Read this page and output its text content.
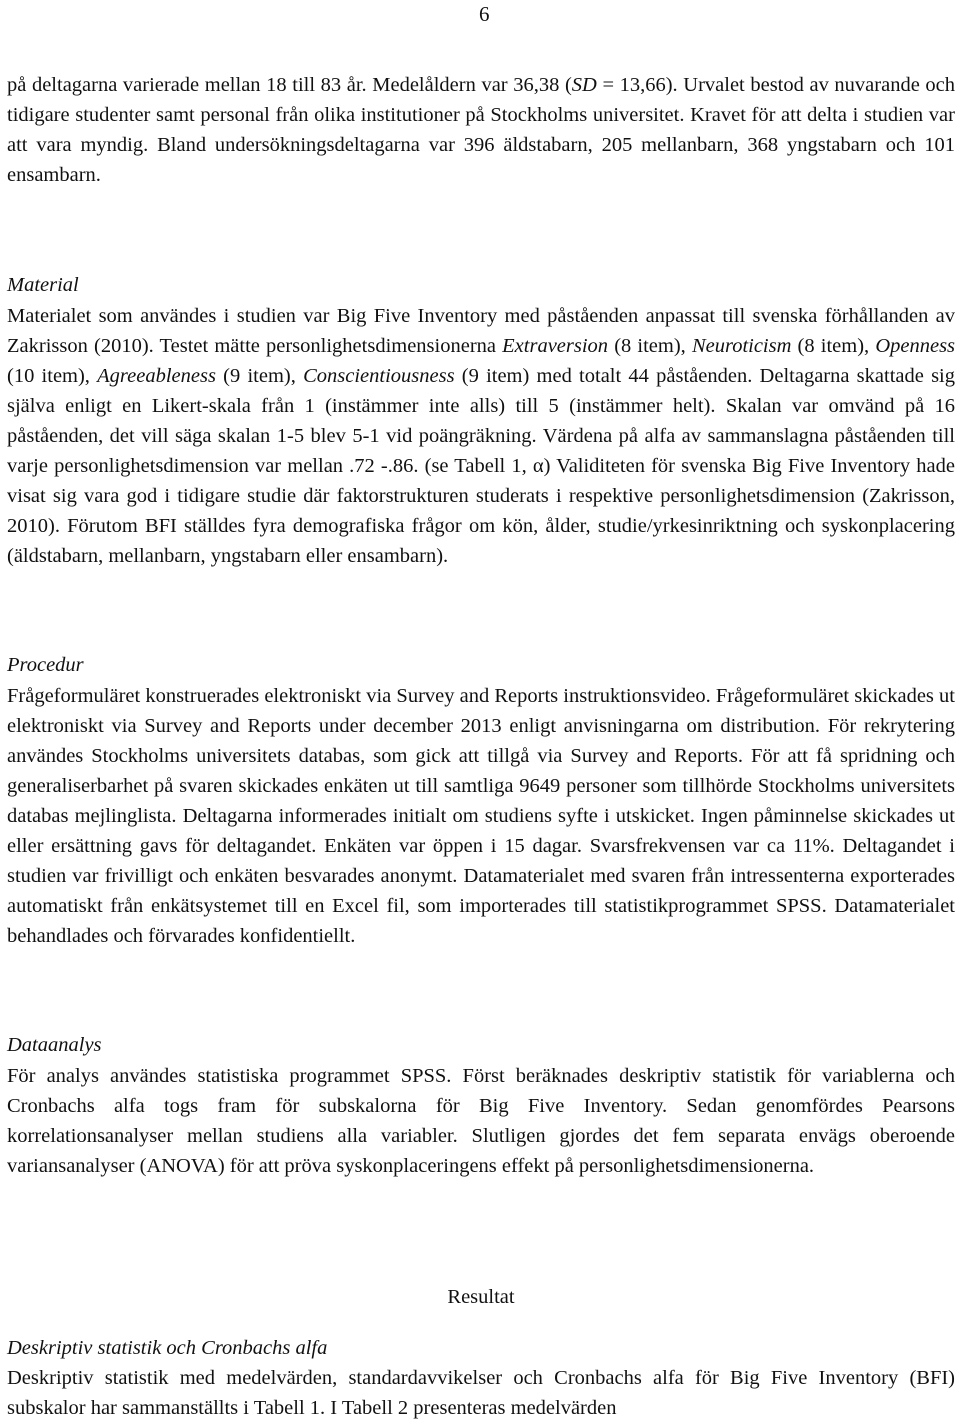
6

på deltagarna varierade mellan 18 till 83 år. Medelåldern var 36,38 (SD = 13,66). Urvalet bestod av nuvarande och tidigare studenter samt personal från olika institutioner på Stockholms universitet. Kravet för att delta i studien var att vara myndig. Bland undersökningsdeltagarna var 396 äldstabarn, 205 mellanbarn, 368 yngstabarn och 101 ensambarn.

Material

Materialet som användes i studien var Big Five Inventory med påståenden anpassat till svenska förhållanden av Zakrisson (2010). Testet mätte personlighetsdimensionerna Extraversion (8 item), Neuroticism (8 item), Openness (10 item), Agreeableness (9 item), Conscientiousness (9 item) med totalt 44 påståenden. Deltagarna skattade sig själva enligt en Likert-skala från 1 (instämmer inte alls) till 5 (instämmer helt). Skalan var omvänd på 16 påståenden, det vill säga skalan 1-5 blev 5-1 vid poängräkning. Värdena på alfa av sammanslagna påståenden till varje personlighetsdimension var mellan .72 -.86. (se Tabell 1, α) Validiteten för svenska Big Five Inventory hade visat sig vara god i tidigare studie där faktorstrukturen studerats i respektive personlighetsdimension (Zakrisson, 2010). Förutom BFI ställdes fyra demografiska frågor om kön, ålder, studie/yrkesinriktning och syskonplacering (äldstabarn, mellanbarn, yngstabarn eller ensambarn).

Procedur

Frågeformuläret konstruerades elektroniskt via Survey and Reports instruktionsvideo. Frågeformuläret skickades ut elektroniskt via Survey and Reports under december 2013 enligt anvisningarna om distribution. För rekrytering användes Stockholms universitets databas, som gick att tillgå via Survey and Reports. För att få spridning och generaliserbarhet på svaren skickades enkäten ut till samtliga 9649 personer som tillhörde Stockholms universitets databas mejlinglista. Deltagarna informerades initialt om studiens syfte i utskicket. Ingen påminnelse skickades ut eller ersättning gavs för deltagandet. Enkäten var öppen i 15 dagar. Svarsfrekvensen var ca 11%. Deltagandet i studien var frivilligt och enkäten besvarades anonymt. Datamaterialet med svaren från intressenterna exporterades automatiskt från enkätsystemet till en Excel fil, som importerades till statistikprogrammet SPSS. Datamaterialet behandlades och förvarades konfidentiellt.

Dataanalys

För analys användes statistiska programmet SPSS. Först beräknades deskriptiv statistik för variablerna och Cronbachs alfa togs fram för subskalorna för Big Five Inventory. Sedan genomfördes Pearsons korrelationsanalyser mellan studiens alla variabler. Slutligen gjordes det fem separata envägs oberoende variansanalyser (ANOVA) för att pröva syskonplaceringens effekt på personlighetsdimensionerna.

Resultat
Deskriptiv statistik och Cronbachs alfa

Deskriptiv statistik med medelvärden, standardavvikelser och Cronbachs alfa för Big Five Inventory (BFI) subskalor har sammanställts i Tabell 1. I Tabell 2 presenteras medelvärden
